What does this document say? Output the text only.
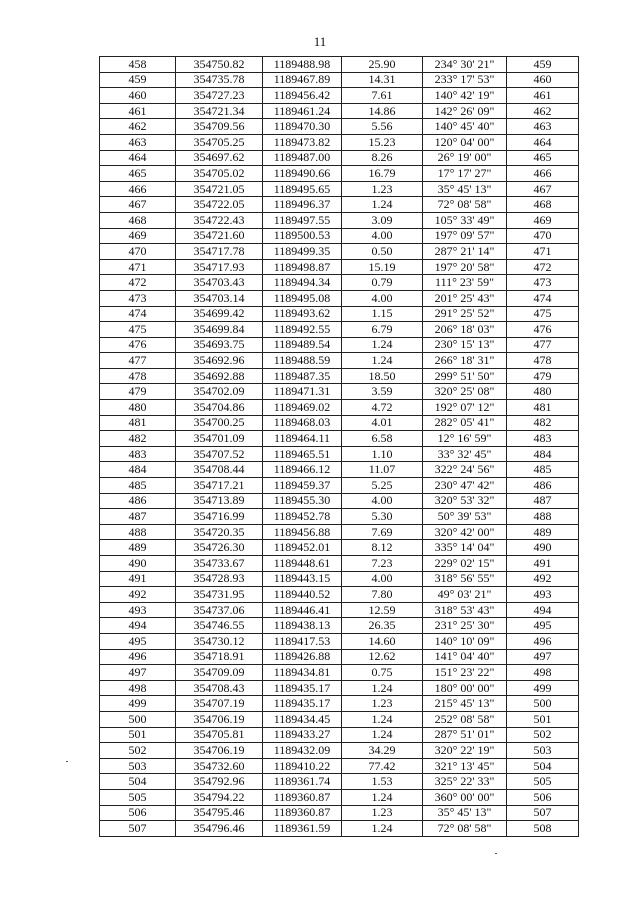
11
458	354750.82	1189488.98	25.90	234° 30' 21"	459
459	354735.78	1189467.89	14.31	233° 17' 53"	460
460	354727.23	1189456.42	7.61	140° 42' 19"	461
461	354721.34	1189461.24	14.86	142° 26' 09"	462
462	354709.56	1189470.30	5.56	140° 45' 40"	463
463	354705.25	1189473.82	15.23	120° 04' 00"	464
464	354697.62	1189487.00	8.26	26° 19' 00"	465
465	354705.02	1189490.66	16.79	17° 17' 27"	466
466	354721.05	1189495.65	1.23	35° 45' 13"	467
467	354722.05	1189496.37	1.24	72° 08' 58"	468
468	354722.43	1189497.55	3.09	105° 33' 49"	469
469	354721.60	1189500.53	4.00	197° 09' 57"	470
470	354717.78	1189499.35	0.50	287° 21' 14"	471
471	354717.93	1189498.87	15.19	197° 20' 58"	472
472	354703.43	1189494.34	0.79	111° 23' 59"	473
473	354703.14	1189495.08	4.00	201° 25' 43"	474
474	354699.42	1189493.62	1.15	291° 25' 52"	475
475	354699.84	1189492.55	6.79	206° 18' 03"	476
476	354693.75	1189489.54	1.24	230° 15' 13"	477
477	354692.96	1189488.59	1.24	266° 18' 31"	478
478	354692.88	1189487.35	18.50	299° 51' 50"	479
479	354702.09	1189471.31	3.59	320° 25' 08"	480
480	354704.86	1189469.02	4.72	192° 07' 12"	481
481	354700.25	1189468.03	4.01	282° 05' 41"	482
482	354701.09	1189464.11	6.58	12° 16' 59"	483
483	354707.52	1189465.51	1.10	33° 32' 45"	484
484	354708.44	1189466.12	11.07	322° 24' 56"	485
485	354717.21	1189459.37	5.25	230° 47' 42"	486
486	354713.89	1189455.30	4.00	320° 53' 32"	487
487	354716.99	1189452.78	5.30	50° 39' 53"	488
488	354720.35	1189456.88	7.69	320° 42' 00"	489
489	354726.30	1189452.01	8.12	335° 14' 04"	490
490	354733.67	1189448.61	7.23	229° 02' 15"	491
491	354728.93	1189443.15	4.00	318° 56' 55"	492
492	354731.95	1189440.52	7.80	49° 03' 21"	493
493	354737.06	1189446.41	12.59	318° 53' 43"	494
494	354746.55	1189438.13	26.35	231° 25' 30"	495
495	354730.12	1189417.53	14.60	140° 10' 09"	496
496	354718.91	1189426.88	12.62	141° 04' 40"	497
497	354709.09	1189434.81	0.75	151° 23' 22"	498
498	354708.43	1189435.17	1.24	180° 00' 00"	499
499	354707.19	1189435.17	1.23	215° 45' 13"	500
500	354706.19	1189434.45	1.24	252° 08' 58"	501
501	354705.81	1189433.27	1.24	287° 51' 01"	502
502	354706.19	1189432.09	34.29	320° 22' 19"	503
503	354732.60	1189410.22	77.42	321° 13' 45"	504
504	354792.96	1189361.74	1.53	325° 22' 33"	505
505	354794.22	1189360.87	1.24	360° 00' 00"	506
506	354795.46	1189360.87	1.23	35° 45' 13"	507
507	354796.46	1189361.59	1.24	72° 08' 58"	508
